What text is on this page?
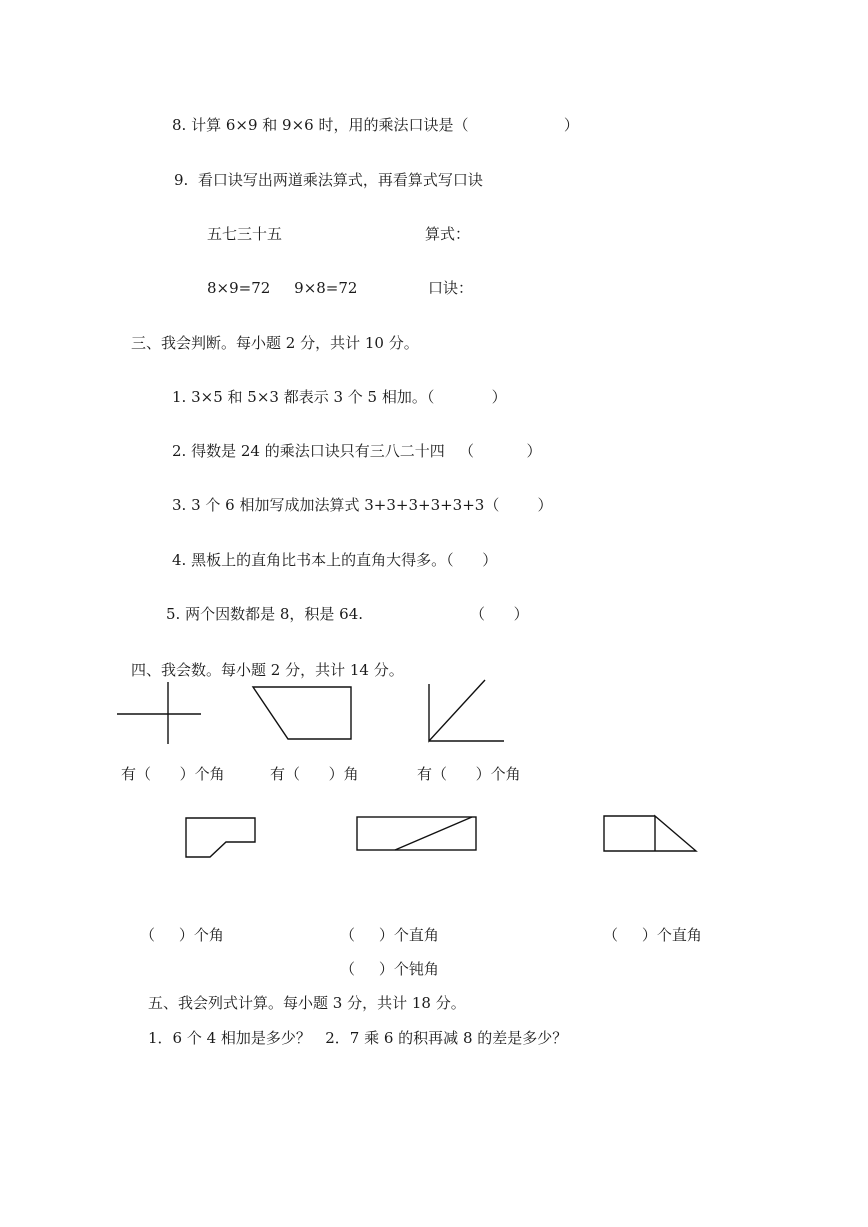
8. 计算 6×9 和 9×6 时，用的乘法口诀是（                    ）
9.  看口诀写出两道乘法算式，再看算式写口诀
五七三十五	算式：
8×9=72     9×8=72	口诀：
三、我会判断。每小题 2 分，共计 10 分。
1. 3×5 和 5×3 都表示 3 个 5 相加。（            ）
2. 得数是 24 的乘法口诀只有三八二十四   （           ）
3. 3 个 6 相加写成加法算式 3+3+3+3+3+3（        ）
4. 黑板上的直角比书本上的直角大得多。（      ）
5. 两个因数都是 8，积是 64.	（      ）
四、我会数。每小题 2 分，共计 14 分。
有（      ）个角	有（      ）角	有（      ）个角
（     ）个角	（     ）个直角	（     ）个直角
（     ）个钝角
五、我会列式计算。每小题 3 分，共计 18 分。
1．6 个 4 相加是多少？   2．7 乘 6 的积再减 8 的差是多少？
